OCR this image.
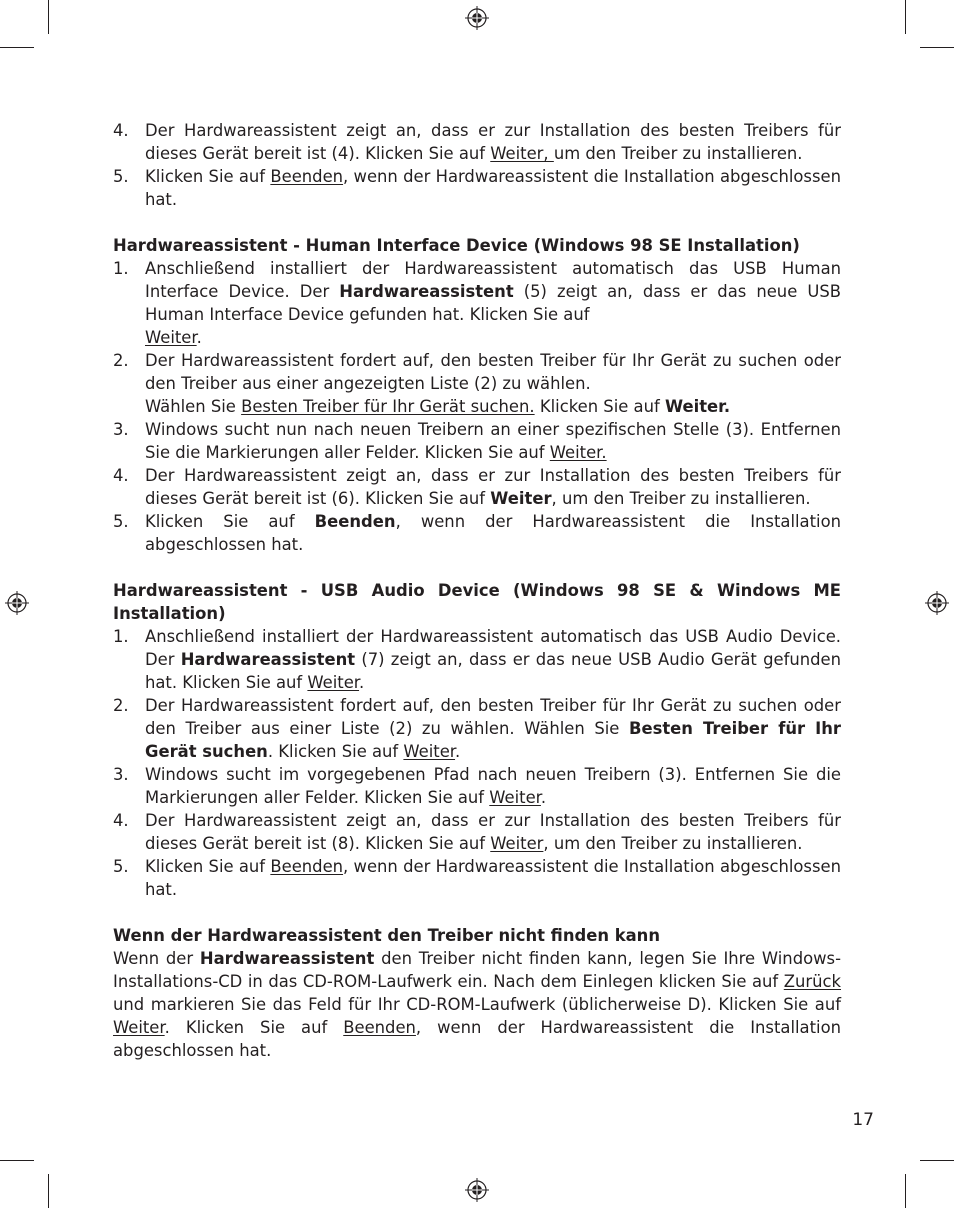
4. Der Hardwareassistent zeigt an, dass er zur Installation des besten Treibers für dieses Gerät bereit ist (4). Klicken Sie auf Weiter, um den Treiber zu installieren.
5. Klicken Sie auf Beenden, wenn der Hardwareassistent die Installation abgeschlossen hat.
Hardwareassistent - Human Interface Device (Windows 98 SE Installation)
1. Anschließend installiert der Hardwareassistent automatisch das USB Human Interface Device. Der Hardwareassistent (5) zeigt an, dass er das neue USB Human Interface Device gefunden hat. Klicken Sie auf
Weiter.
2. Der Hardwareassistent fordert auf, den besten Treiber für Ihr Gerät zu suchen oder den Treiber aus einer angezeigten Liste (2) zu wählen.
Wählen Sie Besten Treiber für Ihr Gerät suchen. Klicken Sie auf Weiter.
3. Windows sucht nun nach neuen Treibern an einer spezifischen Stelle (3). Entfernen Sie die Markierungen aller Felder. Klicken Sie auf Weiter.
4. Der Hardwareassistent zeigt an, dass er zur Installation des besten Treibers für dieses Gerät bereit ist (6). Klicken Sie auf Weiter, um den Treiber zu installieren.
5. Klicken Sie auf Beenden, wenn der Hardwareassistent die Installation abgeschlossen hat.
Hardwareassistent - USB Audio Device (Windows 98 SE & Windows ME Installation)
1. Anschließend installiert der Hardwareassistent automatisch das USB Audio Device. Der Hardwareassistent (7) zeigt an, dass er das neue USB Audio Gerät gefunden hat. Klicken Sie auf Weiter.
2. Der Hardwareassistent fordert auf, den besten Treiber für Ihr Gerät zu suchen oder den Treiber aus einer Liste (2) zu wählen. Wählen Sie Besten Treiber für Ihr Gerät suchen. Klicken Sie auf Weiter.
3. Windows sucht im vorgegebenen Pfad nach neuen Treibern (3). Entfernen Sie die Markierungen aller Felder. Klicken Sie auf Weiter.
4. Der Hardwareassistent zeigt an, dass er zur Installation des besten Treibers für dieses Gerät bereit ist (8). Klicken Sie auf Weiter, um den Treiber zu installieren.
5. Klicken Sie auf Beenden, wenn der Hardwareassistent die Installation abgeschlossen hat.
Wenn der Hardwareassistent den Treiber nicht finden kann

Wenn der Hardwareassistent den Treiber nicht finden kann, legen Sie Ihre Windows-Installations-CD in das CD-ROM-Laufwerk ein. Nach dem Einlegen klicken Sie auf Zurück und markieren Sie das Feld für Ihr CD-ROM-Laufwerk (üblicherweise D). Klicken Sie auf Weiter. Klicken Sie auf Beenden, wenn der Hardwareassistent die Installation abgeschlossen hat.

17
